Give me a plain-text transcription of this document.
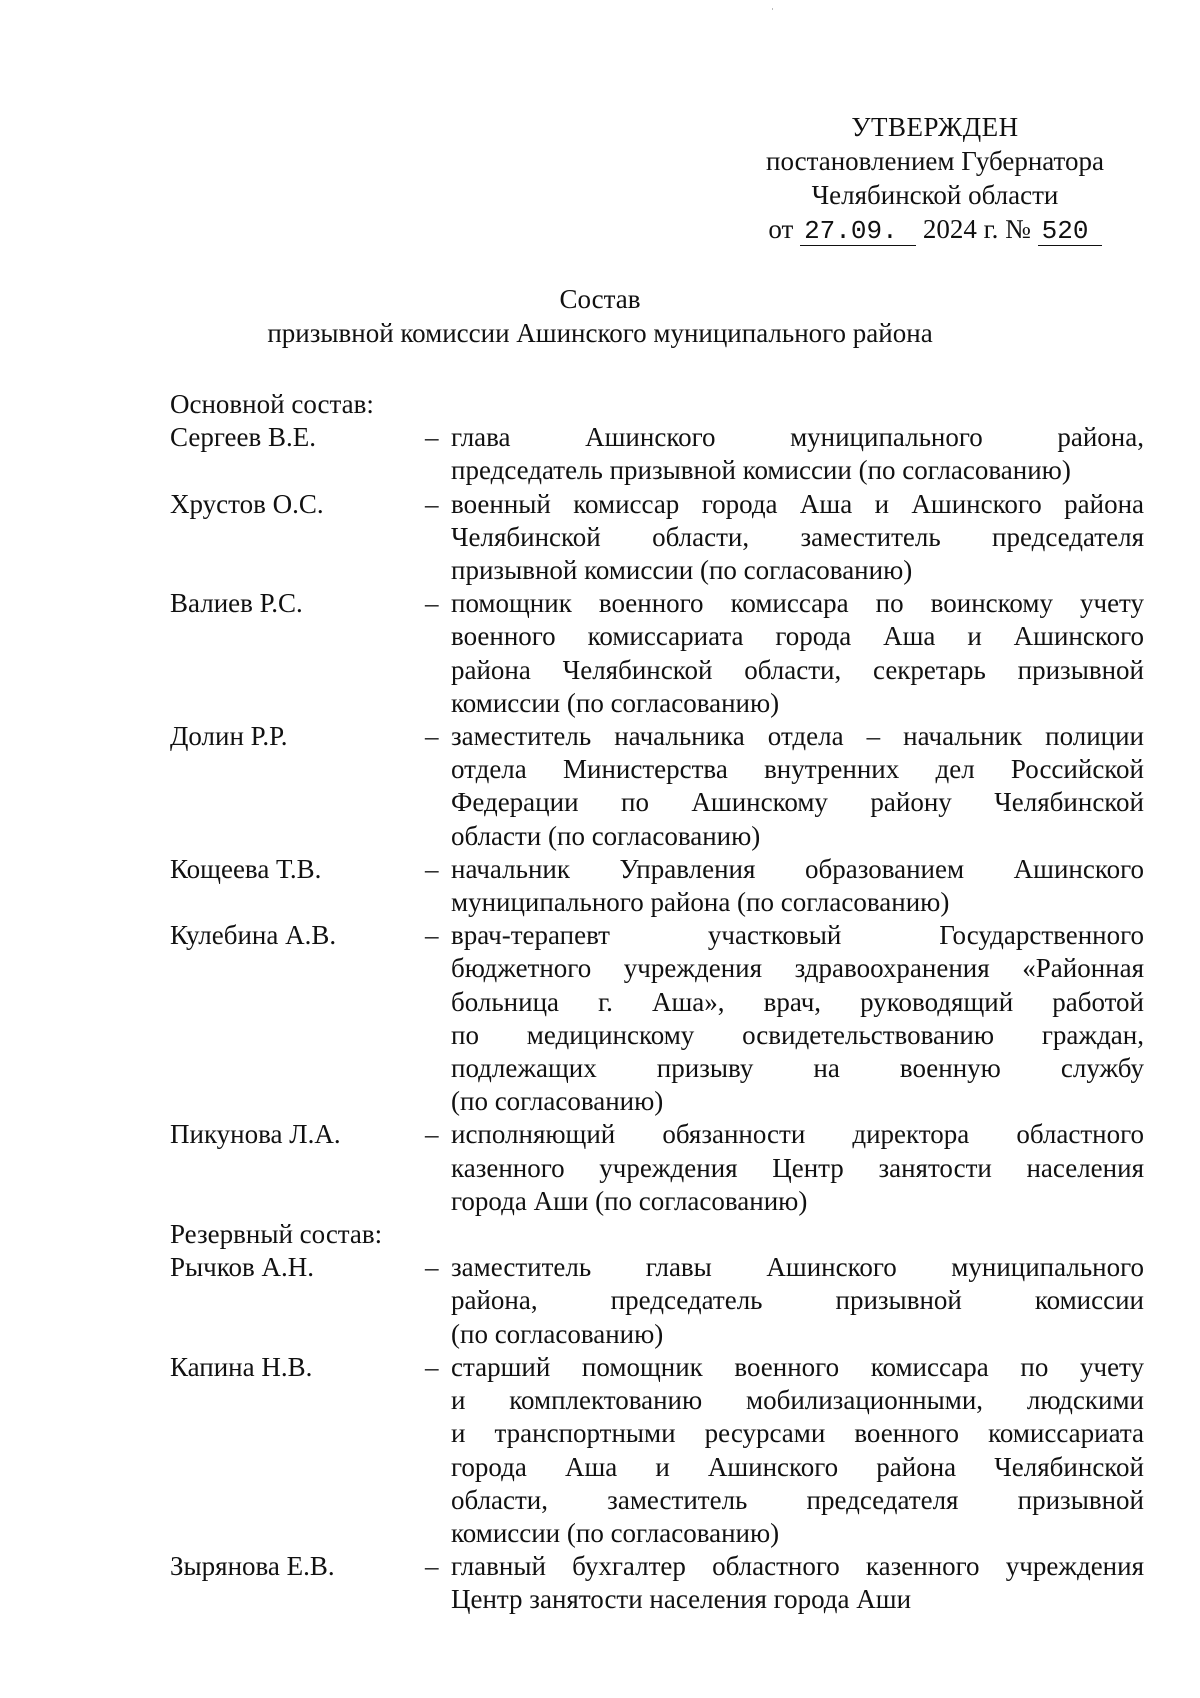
УТВЕРЖДЕН
постановлением Губернатора
Челябинской области
от 27.09. 2024 г. № 520
Состав
призывной комиссии Ашинского муниципального района
Основной состав:
Сергеев В.Е.	– глава Ашинского муниципального района,
председатель призывной комиссии (по согласованию)
Хрустов О.С.	– военный комиссар города Аша и Ашинского района
Челябинской области, заместитель председателя
призывной комиссии (по согласованию)
Валиев Р.С.	– помощник военного комиссара по воинскому учету
военного комиссариата города Аша и Ашинского
района Челябинской области, секретарь призывной
комиссии (по согласованию)
Долин Р.Р.	– заместитель начальника отдела – начальник полиции
отдела Министерства внутренних дел Российской
Федерации по Ашинскому району Челябинской
области (по согласованию)
Кощеева Т.В.	– начальник Управления образованием Ашинского
муниципального района (по согласованию)
Кулебина А.В.	– врач-терапевт участковый Государственного
бюджетного учреждения здравоохранения «Районная
больница г. Аша», врач, руководящий работой
по медицинскому освидетельствованию граждан,
подлежащих призыву на военную службу
(по согласованию)
Пикунова Л.А.	– исполняющий обязанности директора областного
казенного учреждения Центр занятости населения
города Аши (по согласованию)
Резервный состав:
Рычков А.Н.	– заместитель главы Ашинского муниципального
района, председатель призывной комиссии
(по согласованию)
Капина Н.В.	– старший помощник военного комиссара по учету
и комплектованию мобилизационными, людскими
и транспортными ресурсами военного комиссариата
города Аша и Ашинского района Челябинской
области, заместитель председателя призывной
комиссии (по согласованию)
Зырянова Е.В.	– главный бухгалтер областного казенного учреждения
Центр занятости населения города Аши
